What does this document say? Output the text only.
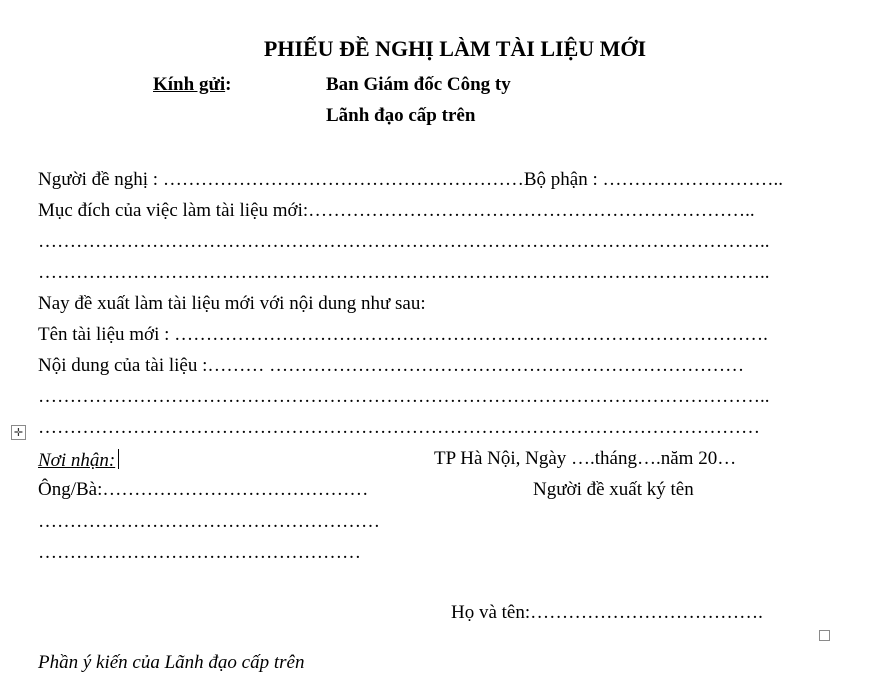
PHIẾU ĐỀ NGHỊ LÀM TÀI LIỆU MỚI
Kính gửi:	Ban Giám đốc Công ty
Lãnh đạo cấp trên
Người đề nghị : …………………………………………………Bộ phận : ………………………..
Mục đích của việc làm tài liệu mới:……………………………………………………………..
……………………………………………………………………………………………………..
……………………………………………………………………………………………………..
Nay đề xuất làm tài liệu mới với nội dung như sau:
Tên tài liệu mới : ………………………………………………………………………………….
Nội dung của tài liệu :……… …………………………………………………………………
……………………………………………………………………………………………………..
……………………………………………………………………………………………………
✛
Nơi nhận:	TP Hà Nội, Ngày ….tháng….năm 20…
Ông/Bà:……………………………………	Người đề xuất ký tên
………………………………………………
……………………………………………
Họ và tên:……………………………….
Phần ý kiến của Lãnh đạo cấp trên
